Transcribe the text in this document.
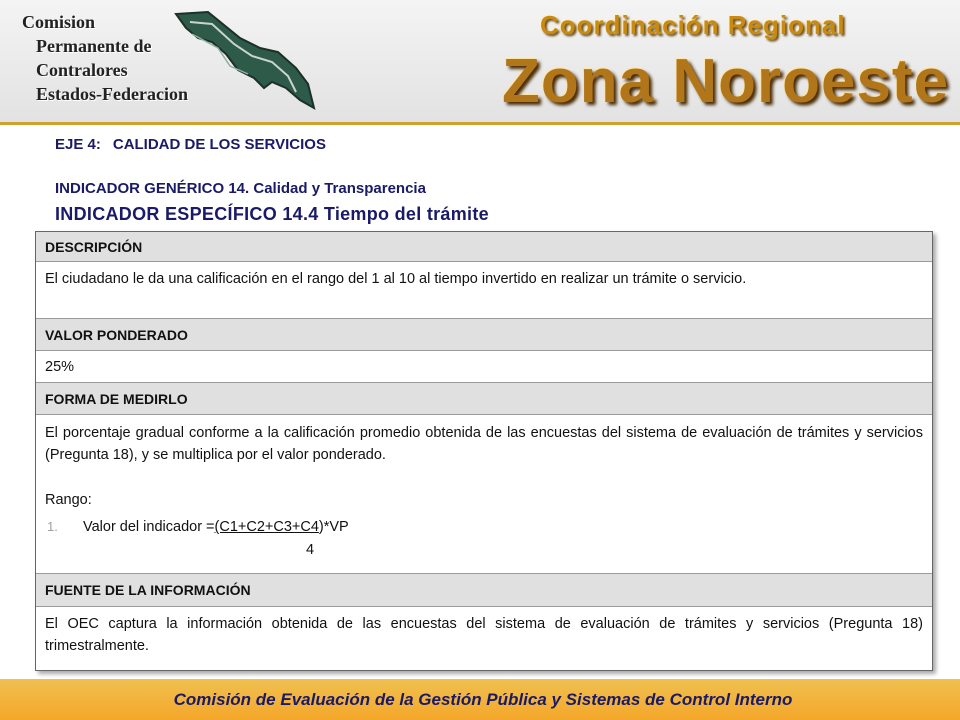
Comision
Permanente de
Contralores
Estados-Federacion
Coordinación Regional
Zona Noroeste
EJE 4: CALIDAD DE LOS SERVICIOS
INDICADOR GENÉRICO 14. Calidad y Transparencia
INDICADOR ESPECÍFICO 14.4 Tiempo del trámite
DESCRIPCIÓN

El ciudadano le da una calificación en el rango del 1 al 10 al tiempo invertido en realizar un trámite o servicio.

VALOR PONDERADO
25%
FORMA DE MEDIRLO

El porcentaje gradual conforme a la calificación promedio obtenida de las encuestas del sistema de evaluación de trámites y servicios (Pregunta 18), y se multiplica por el valor ponderado.

Rango:

1.	Valor del indicador = (C1+C2+C3+C4 )*VP
4
FUENTE DE LA INFORMACIÓN

El OEC captura la información obtenida de las encuestas del sistema de evaluación de trámites y servicios (Pregunta 18) trimestralmente.

Comisión de Evaluación de la Gestión Pública y Sistemas de Control Interno
